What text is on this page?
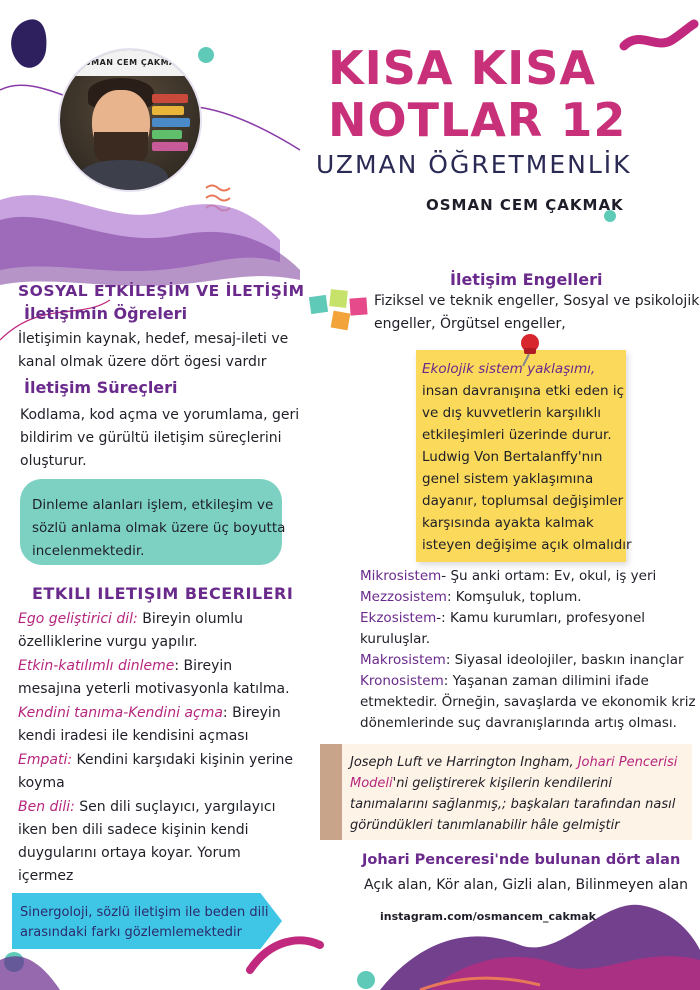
OSMAN CEM ÇAKMAK	KISA KISA
NOTLAR 12
UZMAN ÖĞRETMENLİK
OSMAN CEM ÇAKMAK
SOSYAL ETKİLEŞİM VE İLETİŞİM
İletişimin Öğreleri
İletişimin kaynak, hedef, mesaj-ileti ve
kanal olmak üzere dört ögesi vardır
İletişim Süreçleri
Kodlama, kod açma ve yorumlama, geri
bildirim ve gürültü iletişim süreçlerini
oluşturur.
Dinleme alanları işlem, etkileşim ve
sözlü anlama olmak üzere üç boyutta
incelenmektedir.
ETKILI ILETIŞIM BECERILERI
Ego geliştirici dil: Bireyin olumlu
özelliklerine vurgu yapılır.
Etkin-katılımlı dinleme: Bireyin
mesajına yeterli motivasyonla katılma.
Kendini tanıma-Kendini açma: Bireyin
kendi iradesi ile kendisini açması
Empati: Kendini karşıdaki kişinin yerine
koyma
Ben dili: Sen dili suçlayıcı, yargılayıcı
iken ben dili sadece kişinin kendi
duygularını ortaya koyar. Yorum
içermez
Sinergoloji, sözlü iletişim ile beden dili
arasındaki farkı gözlemlemektedir
İletişim Engelleri
Fiziksel ve teknik engeller, Sosyal ve psikolojik
engeller, Örgütsel engeller,
Ekolojik sistem yaklaşımı,
insan davranışına etki eden iç
ve dış kuvvetlerin karşılıklı
etkileşimleri üzerinde durur.
Ludwig Von Bertalanffy'nın
genel sistem yaklaşımına
dayanır, toplumsal değişimler
karşısında ayakta kalmak
isteyen değişime açık olmalıdır
Mikrosistem- Şu anki ortam: Ev, okul, iş yeri
Mezzosistem: Komşuluk, toplum.
Ekzosistem-: Kamu kurumları, profesyonel
kuruluşlar.
Makrosistem: Siyasal ideolojiler, baskın inançlar
Kronosistem: Yaşanan zaman dilimini ifade
etmektedir. Örneğin, savaşlarda ve ekonomik kriz
dönemlerinde suç davranışlarında artış olması.
Joseph Luft ve Harrington Ingham, Johari Pencerisi
Modeli'ni geliştirerek kişilerin kendilerini
tanımalarını sağlanmış,; başkaları tarafından nasıl
göründükleri tanımlanabilir hâle gelmiştir
Johari Penceresi'nde bulunan dört alan
Açık alan, Kör alan, Gizli alan, Bilinmeyen alan
instagram.com/osmancem_cakmak
